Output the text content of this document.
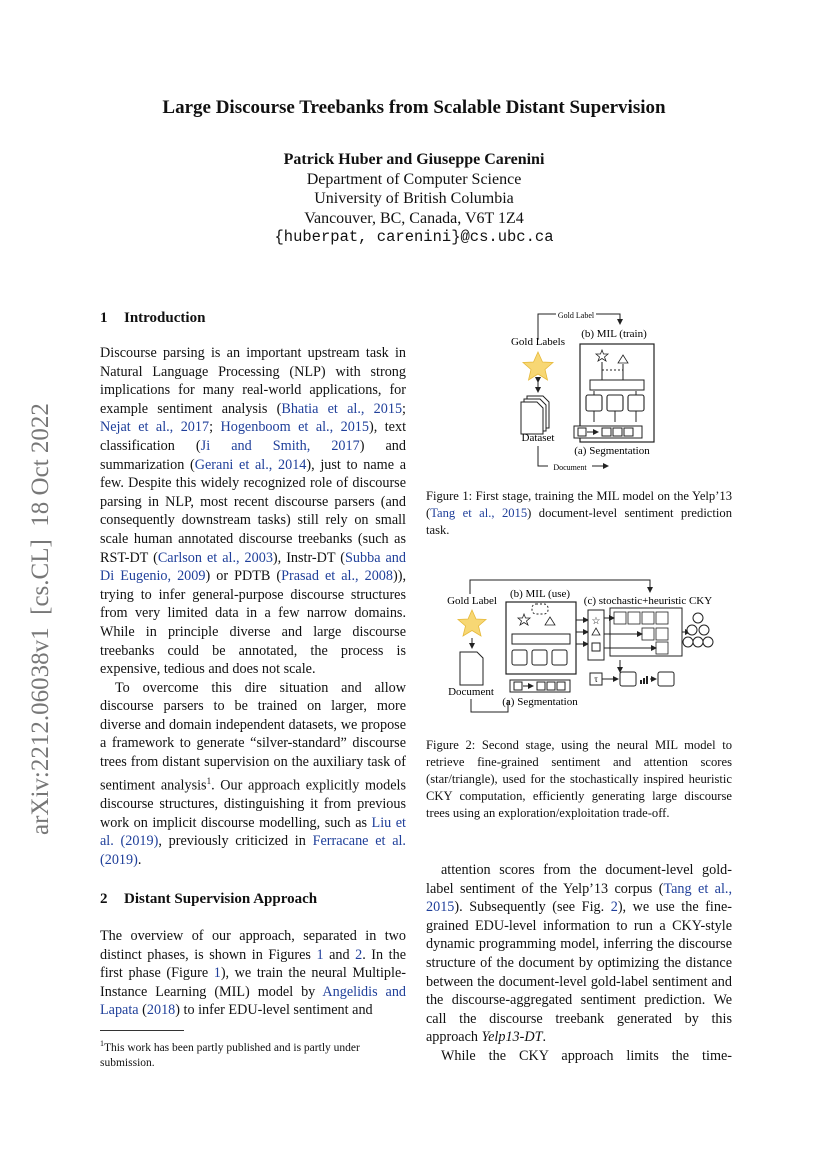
arXiv:2212.06038v1  [cs.CL]  18 Oct 2022
Large Discourse Treebanks from Scalable Distant Supervision
Patrick Huber and Giuseppe Carenini
Department of Computer Science
University of British Columbia
Vancouver, BC, Canada, V6T 1Z4
{huberpat, carenini}@cs.ubc.ca
1 Introduction

Discourse parsing is an important upstream task in Natural Language Processing (NLP) with strong implications for many real-world applications, for example sentiment analysis (Bhatia et al., 2015; Nejat et al., 2017; Hogenboom et al., 2015), text classification (Ji and Smith, 2017) and summarization (Gerani et al., 2014), just to name a few. Despite this widely recognized role of discourse parsing in NLP, most recent discourse parsers (and consequently downstream tasks) still rely on small scale human annotated discourse treebanks (such as RST-DT (Carlson et al., 2003), Instr-DT (Subba and Di Eugenio, 2009) or PDTB (Prasad et al., 2008)), trying to infer general-purpose discourse structures from very limited data in a few narrow domains. While in principle diverse and large discourse treebanks could be annotated, the process is expensive, tedious and does not scale.

To overcome this dire situation and allow discourse parsers to be trained on larger, more diverse and domain independent datasets, we propose a framework to generate “silver-standard” discourse trees from distant supervision on the auxiliary task of sentiment analysis$^1$. Our approach explicitly models discourse structures, distinguishing it from previous work on implicit discourse modelling, such as Liu et al. (2019), previously criticized in Ferracane et al. (2019).

2 Distant Supervision Approach

The overview of our approach, separated in two distinct phases, is shown in Figures 1 and 2. In the first phase (Figure 1), we train the neural Multiple-Instance Learning (MIL) model by Angelidis and Lapata (2018) to infer EDU-level sentiment and

$^1$This work has been partly published and is partly under submission.
Gold Label
Gold Labels
(b) MIL (train)
Dataset
(a) Segmentation
Document
Figure 1: First stage, training the MIL model on the Yelp’13 (Tang et al., 2015) document-level sentiment prediction task.
Gold Label
(b) MIL (use)
(c) stochastic+heuristic CKY
Document
(a) Segmentation
☆
τ
Figure 2: Second stage, using the neural MIL model to retrieve fine-grained sentiment and attention scores (star/triangle), used for the stochastically inspired heuristic CKY computation, efficiently generating large discourse trees using an exploration/exploitation trade-off.

attention scores from the document-level gold-label sentiment of the Yelp’13 corpus (Tang et al., 2015). Subsequently (see Fig. 2), we use the fine-grained EDU-level information to run a CKY-style dynamic programming model, inferring the discourse structure of the document by optimizing the distance between the document-level gold-label sentiment and the discourse-aggregated sentiment prediction. We call the discourse treebank generated by this approach Yelp13-DT.

While the CKY approach limits the time-
